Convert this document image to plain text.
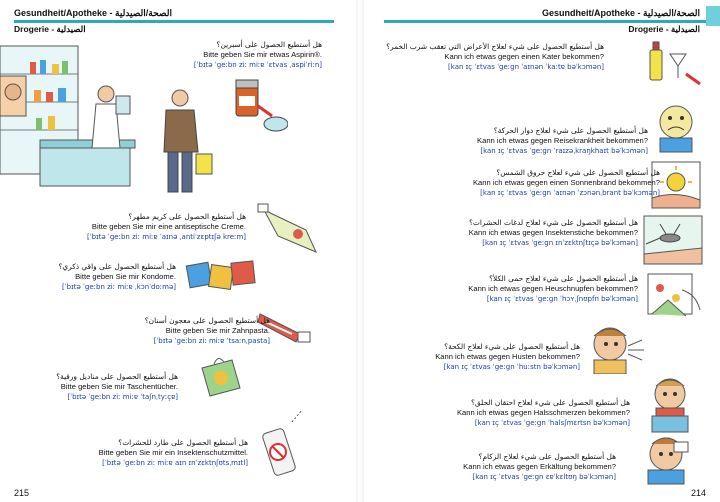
Gesundheit/Apotheke - الصحة/الصيدلية
Drogerie - الصيدلية
هل أستطيع الحصول على أسبرين؟
Bitte geben Sie mir etwas Aspirin®.
[ˈbɪtə ˈgeːbn ziː miːɐ ˈɛtvas ˌaspiˈriːn]
هل أستطيع الحصول على كريم مطهر؟
Bitte geben Sie mir eine antiseptische Creme.
[ˈbɪtə ˈgeːbn ziː miːɐ ˈaɪnə ˌantiˈzɛptɪʃə kreːm]
هل أستطيع الحصول على واقي ذكري؟
Bitte geben Sie mir Kondome.
[ˈbɪtə ˈgeːbn ziː miːɐ ˌkɔnˈdoːmə]
هل أستطيع الحصول على معجون أسنان؟
Bitte geben Sie mir Zahnpasta.
[ˈbɪtə ˈgeːbn ziː miːɐ ˈtsaːnˌpasta]
هل أستطيع الحصول على مناديل ورقية؟
Bitte geben Sie mir Taschentücher.
[ˈbɪtə ˈgeːbn ziː miːɐ ˈtaʃnˌtyːçɐ]
هل أستطيع الحصول على طارد للحشرات؟
Bitte geben Sie mir ein Insektenschutzmittel.
[ˈbɪtə ˈgeːbn ziː miːɐ aɪn ɪnˈzɛktnʃʊtsˌmɪtl]
215
Gesundheit/Apotheke - الصحة/الصيدلية
Drogerie - الصيدلية
هل أستطيع الحصول على شيء لعلاج الأعراض التي تعقب شرب الخمر؟
Kann ich etwas gegen einen Kater bekommen?
[kan ɪç ˈɛtvas ˈgeːgn ˈaɪnən ˈkaːtɐ bəˈkɔmən]
هل أستطيع الحصول على شيء لعلاج دوار الحركة؟
Kann ich etwas gegen Reisekrankheit bekommen?
[kan ɪç ˈɛtvas ˈgeːgn ˈraɪzəˌkraŋkhaɪt bəˈkɔmən]
هل أستطيع الحصول على شيء لعلاج حروق الشمس؟
Kann ich etwas gegen einen Sonnenbrand bekommen?
[kan ɪç ˈɛtvas ˈgeːgn ˈaɪnən ˈzɔnənˌbrant bəˈkɔmən]
هل أستطيع الحصول على شيء لعلاج لدغات الحشرات؟
Kann ich etwas gegen Insektenstiche bekommen?
[kan ɪç ˈɛtvas ˈgeːgn ɪnˈzɛktnʃtɪçə bəˈkɔmən]
هل أستطيع الحصول على شيء لعلاج حمى الكلأ؟
Kann ich etwas gegen Heuschnupfen bekommen?
[kan ɪç ˈɛtvas ˈgeːgn ˈhɔʏˌʃnʊpfn bəˈkɔmən]
هل أستطيع الحصول على شيء لعلاج الكحة؟
Kann ich etwas gegen Husten bekommen?
[kan ɪç ˈɛtvas ˈgeːgn ˈhuːstn bəˈkɔmən]
هل أستطيع الحصول على شيء لعلاج احتقان الحلق؟
Kann ich etwas gegen Halsschmerzen bekommen?
[kan ɪç ˈɛtvas ˈgeːgn ˈhalsʃmɛrtsn bəˈkɔmən]
هل أستطيع الحصول على شيء لعلاج الزكام؟
Kann ich etwas gegen Erkältung bekommen?
[kan ɪç ˈɛtvas ˈgeːgn ɛɐˈkɛltʊŋ bəˈkɔmən]
214
